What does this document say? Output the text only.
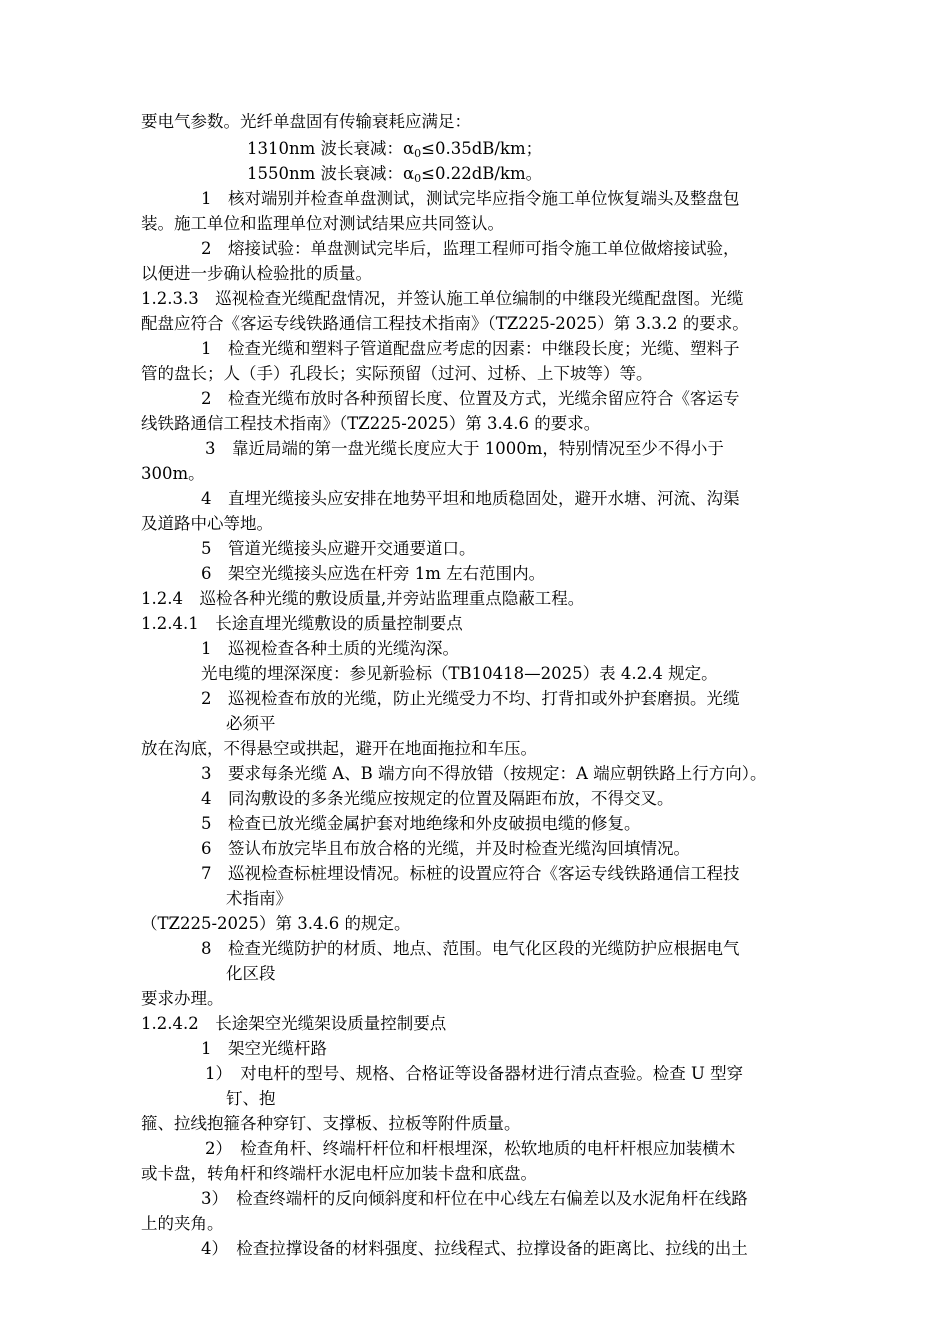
要电气参数。光纤单盘固有传输衰耗应满足：
1310nm 波长衰减：$\alpha_0\le 0.35dB/km$；
1550nm 波长衰减：$\alpha_0\le 0.22dB/km$。
1　核对端别并检查单盘测试，测试完毕应指令施工单位恢复端头及整盘包
装。施工单位和监理单位对测试结果应共同签认。
2　熔接试验：单盘测试完毕后，监理工程师可指令施工单位做熔接试验，
以便进一步确认检验批的质量。
1.2.3.3　巡视检查光缆配盘情况，并签认施工单位编制的中继段光缆配盘图。光缆
配盘应符合《客运专线铁路通信工程技术指南》（TZ225-2025）第 3.3.2 的要求。
1　检查光缆和塑料子管道配盘应考虑的因素：中继段长度；光缆、塑料子
管的盘长；人（手）孔段长；实际预留（过河、过桥、上下坡等）等。
2　检查光缆布放时各种预留长度、位置及方式，光缆余留应符合《客运专
线铁路通信工程技术指南》（TZ225-2025）第 3.4.6 的要求。
3　靠近局端的第一盘光缆长度应大于 1000m，特别情况至少不得小于
300m。
4　直埋光缆接头应安排在地势平坦和地质稳固处，避开水塘、河流、沟渠
及道路中心等地。
5　管道光缆接头应避开交通要道口。
6　架空光缆接头应选在杆旁 1m 左右范围内。
1.2.4　巡检各种光缆的敷设质量,并旁站监理重点隐蔽工程。
1.2.4.1　长途直埋光缆敷设的质量控制要点
1　巡视检查各种土质的光缆沟深。
光电缆的埋深深度：参见新验标（TB10418—2025）表 4.2.4 规定。
2　巡视检查布放的光缆，防止光缆受力不均、打背扣或外护套磨损。光缆
必须平
放在沟底，不得悬空或拱起，避开在地面拖拉和车压。
3　要求每条光缆 A、B 端方向不得放错（按规定：A 端应朝铁路上行方向）。
4　同沟敷设的多条光缆应按规定的位置及隔距布放，不得交叉。
5　检查已放光缆金属护套对地绝缘和外皮破损电缆的修复。
6　签认布放完毕且布放合格的光缆，并及时检查光缆沟回填情况。
7　巡视检查标桩埋设情况。标桩的设置应符合《客运专线铁路通信工程技
术指南》
（TZ225-2025）第 3.4.6 的规定。
8　检查光缆防护的材质、地点、范围。电气化区段的光缆防护应根据电气
化区段
要求办理。
1.2.4.2　长途架空光缆架设质量控制要点
1　架空光缆杆路
1）　对电杆的型号、规格、合格证等设备器材进行清点查验。检查 U 型穿
钉、抱
箍、拉线抱箍各种穿钉、支撑板、拉板等附件质量。
2）　检查角杆、终端杆杆位和杆根埋深，松软地质的电杆杆根应加装横木
或卡盘，转角杆和终端杆水泥电杆应加装卡盘和底盘。
3）　检查终端杆的反向倾斜度和杆位在中心线左右偏差以及水泥角杆在线路
上的夹角。
4）　检查拉撑设备的材料强度、拉线程式、拉撑设备的距离比、拉线的出土
